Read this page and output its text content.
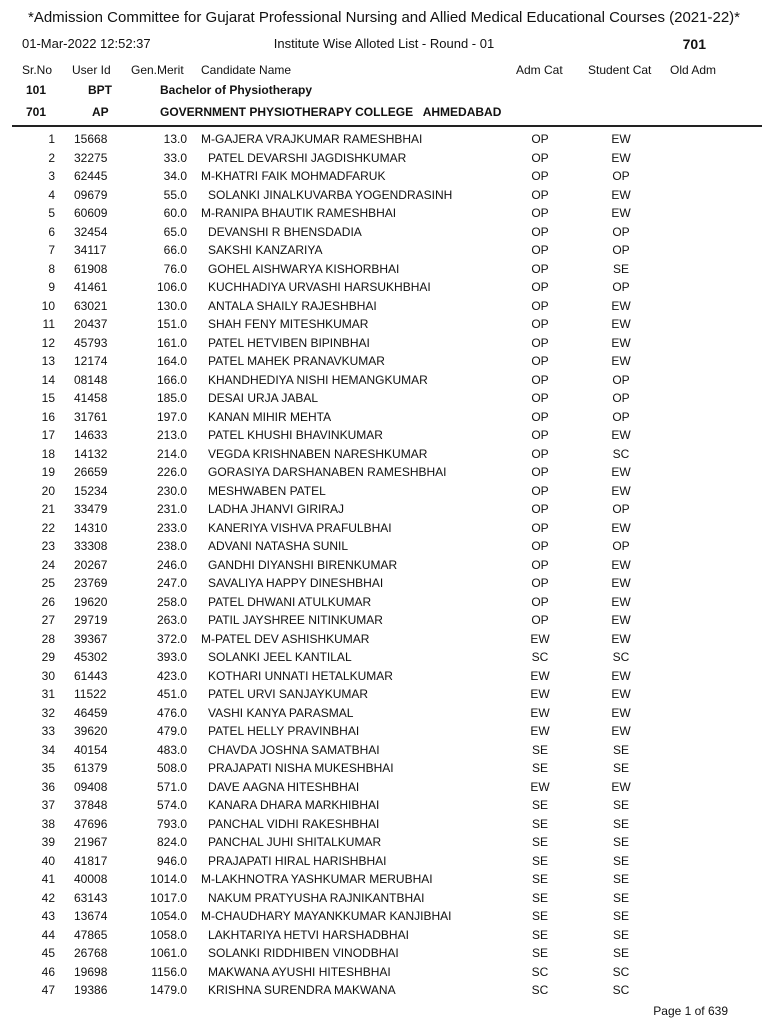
*Admission Committee for Gujarat Professional Nursing and Allied Medical Educational Courses (2021-22)*
01-Mar-2022 12:52:37	Institute Wise Alloted List - Round - 01	701
Sr.No User Id Gen.Merit Candidate Name	Adm Cat Student Cat Old Adm
101	BPT	Bachelor of Physiotherapy
701	AP	GOVERNMENT PHYSIOTHERAPY COLLEGE   AHMEDABAD
1 15668	13.0 M-GAJERA VRAJKUMAR RAMESHBHAI	OP	EW
2 32275	33.0 PATEL DEVARSHI JAGDISHKUMAR	OP	EW
3 62445	34.0 M-KHATRI FAIK MOHMADFARUK	OP	OP
4 09679	55.0 SOLANKI JINALKUVARBA YOGENDRASINH	OP	EW
5 60609	60.0 M-RANIPA BHAUTIK RAMESHBHAI	OP	EW
6 32454	65.0 DEVANSHI R BHENSDADIA	OP	OP
7 34117	66.0 SAKSHI KANZARIYA	OP	OP
8 61908	76.0 GOHEL AISHWARYA KISHORBHAI	OP	SE
9 41461	106.0 KUCHHADIYA URVASHI HARSUKHBHAI	OP	OP
10 63021	130.0 ANTALA SHAILY RAJESHBHAI	OP	EW
11 20437	151.0 SHAH FENY MITESHKUMAR	OP	EW
12 45793	161.0 PATEL HETVIBEN BIPINBHAI	OP	EW
13 12174	164.0 PATEL MAHEK PRANAVKUMAR	OP	EW
14 08148	166.0 KHANDHEDIYA NISHI HEMANGKUMAR	OP	OP
15 41458	185.0 DESAI URJA JABAL	OP	OP
16 31761	197.0 KANAN MIHIR MEHTA	OP	OP
17 14633	213.0 PATEL KHUSHI BHAVINKUMAR	OP	EW
18 14132	214.0 VEGDA KRISHNABEN NARESHKUMAR	OP	SC
19 26659	226.0 GORASIYA DARSHANABEN RAMESHBHAI	OP	EW
20 15234	230.0 MESHWABEN PATEL	OP	EW
21 33479	231.0 LADHA JHANVI GIRIRAJ	OP	OP
22 14310	233.0 KANERIYA VISHVA PRAFULBHAI	OP	EW
23 33308	238.0 ADVANI NATASHA SUNIL	OP	OP
24 20267	246.0 GANDHI DIYANSHI BIRENKUMAR	OP	EW
25 23769	247.0 SAVALIYA HAPPY DINESHBHAI	OP	EW
26 19620	258.0 PATEL DHWANI ATULKUMAR	OP	EW
27 29719	263.0 PATIL JAYSHREE NITINKUMAR	OP	EW
28 39367	372.0 M-PATEL DEV ASHISHKUMAR	EW	EW
29 45302	393.0 SOLANKI JEEL KANTILAL	SC	SC
30 61443	423.0 KOTHARI UNNATI HETALKUMAR	EW	EW
31 11522	451.0 PATEL URVI SANJAYKUMAR	EW	EW
32 46459	476.0 VASHI KANYA PARASMAL	EW	EW
33 39620	479.0 PATEL HELLY PRAVINBHAI	EW	EW
34 40154	483.0 CHAVDA JOSHNA SAMATBHAI	SE	SE
35 61379	508.0 PRAJAPATI NISHA MUKESHBHAI	SE	SE
36 09408	571.0 DAVE AAGNA HITESHBHAI	EW	EW
37 37848	574.0 KANARA DHARA MARKHIBHAI	SE	SE
38 47696	793.0 PANCHAL VIDHI RAKESHBHAI	SE	SE
39 21967	824.0 PANCHAL JUHI SHITALKUMAR	SE	SE
40 41817	946.0 PRAJAPATI HIRAL HARISHBHAI	SE	SE
41 40008	1014.0 M-LAKHNOTRA YASHKUMAR MERUBHAI	SE	SE
42 63143	1017.0 NAKUM PRATYUSHA RAJNIKANTBHAI	SE	SE
43 13674	1054.0 M-CHAUDHARY MAYANKKUMAR KANJIBHAI	SE	SE
44 47865	1058.0 LAKHTARIYA HETVI HARSHADBHAI	SE	SE
45 26768	1061.0 SOLANKI RIDDHIBEN VINODBHAI	SE	SE
46 19698	1156.0 MAKWANA AYUSHI HITESHBHAI	SC	SC
47 19386	1479.0 KRISHNA SURENDRA MAKWANA	SC	SC
Page 1 of 639
